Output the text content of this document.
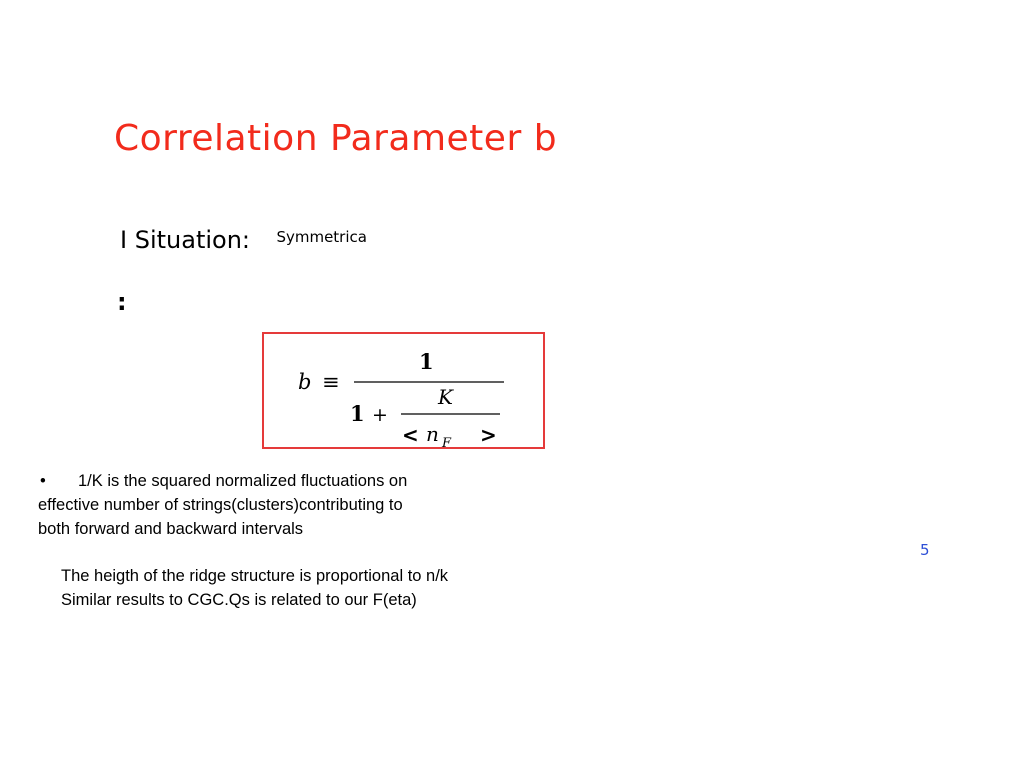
Correlation Parameter b
I Situation: Symmetrica
:
b ≡
1
1 +
K
< n F >
• 1/K is the squared normalized fluctuations on
effective number of strings(clusters)contributing to
both forward and backward intervals
The heigth of the ridge structure is proportional to n/k
Similar results to CGC.Qs is related to our F(eta)
5
